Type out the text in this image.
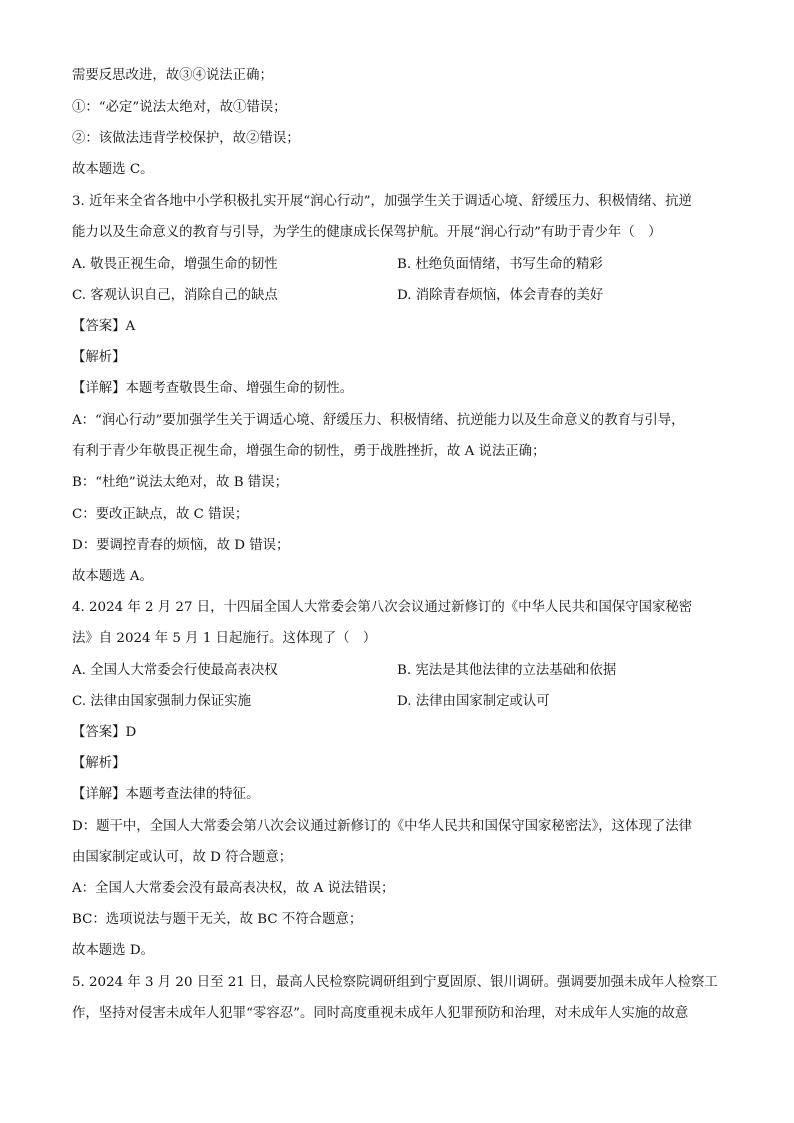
需要反思改进，故③④说法正确；
①：“必定”说法太绝对，故①错误；
②：该做法违背学校保护，故②错误；
故本题选 C。
3. 近年来全省各地中小学积极扎实开展“润心行动”，加强学生关于调适心境、舒缓压力、积极情绪、抗逆
能力以及生命意义的教育与引导，为学生的健康成长保驾护航。开展“润心行动”有助于青少年（　）
A. 敬畏正视生命，增强生命的韧性	B. 杜绝负面情绪，书写生命的精彩
C. 客观认识自己，消除自己的缺点	D. 消除青春烦恼，体会青春的美好
【答案】A
【解析】
【详解】本题考查敬畏生命、增强生命的韧性。
A：“润心行动”要加强学生关于调适心境、舒缓压力、积极情绪、抗逆能力以及生命意义的教育与引导，
有利于青少年敬畏正视生命，增强生命的韧性，勇于战胜挫折，故 A 说法正确；
B：“杜绝”说法太绝对，故 B 错误；
C：要改正缺点，故 C 错误；
D：要调控青春的烦恼，故 D 错误；
故本题选 A。
4. 2024 年 2 月 27 日，十四届全国人大常委会第八次会议通过新修订的《中华人民共和国保守国家秘密
法》自 2024 年 5 月 1 日起施行。这体现了（　）
A. 全国人大常委会行使最高表决权	B. 宪法是其他法律的立法基础和依据
C. 法律由国家强制力保证实施	D. 法律由国家制定或认可
【答案】D
【解析】
【详解】本题考查法律的特征。
D：题干中，全国人大常委会第八次会议通过新修订的《中华人民共和国保守国家秘密法》，这体现了法律
由国家制定或认可，故 D 符合题意；
A：全国人大常委会没有最高表决权，故 A 说法错误；
BC：选项说法与题干无关，故 BC 不符合题意；
故本题选 D。
5. 2024 年 3 月 20 日至 21 日，最高人民检察院调研组到宁夏固原、银川调研。强调要加强未成年人检察工
作，坚持对侵害未成年人犯罪“零容忍”。同时高度重视未成年人犯罪预防和治理，对未成年人实施的故意
